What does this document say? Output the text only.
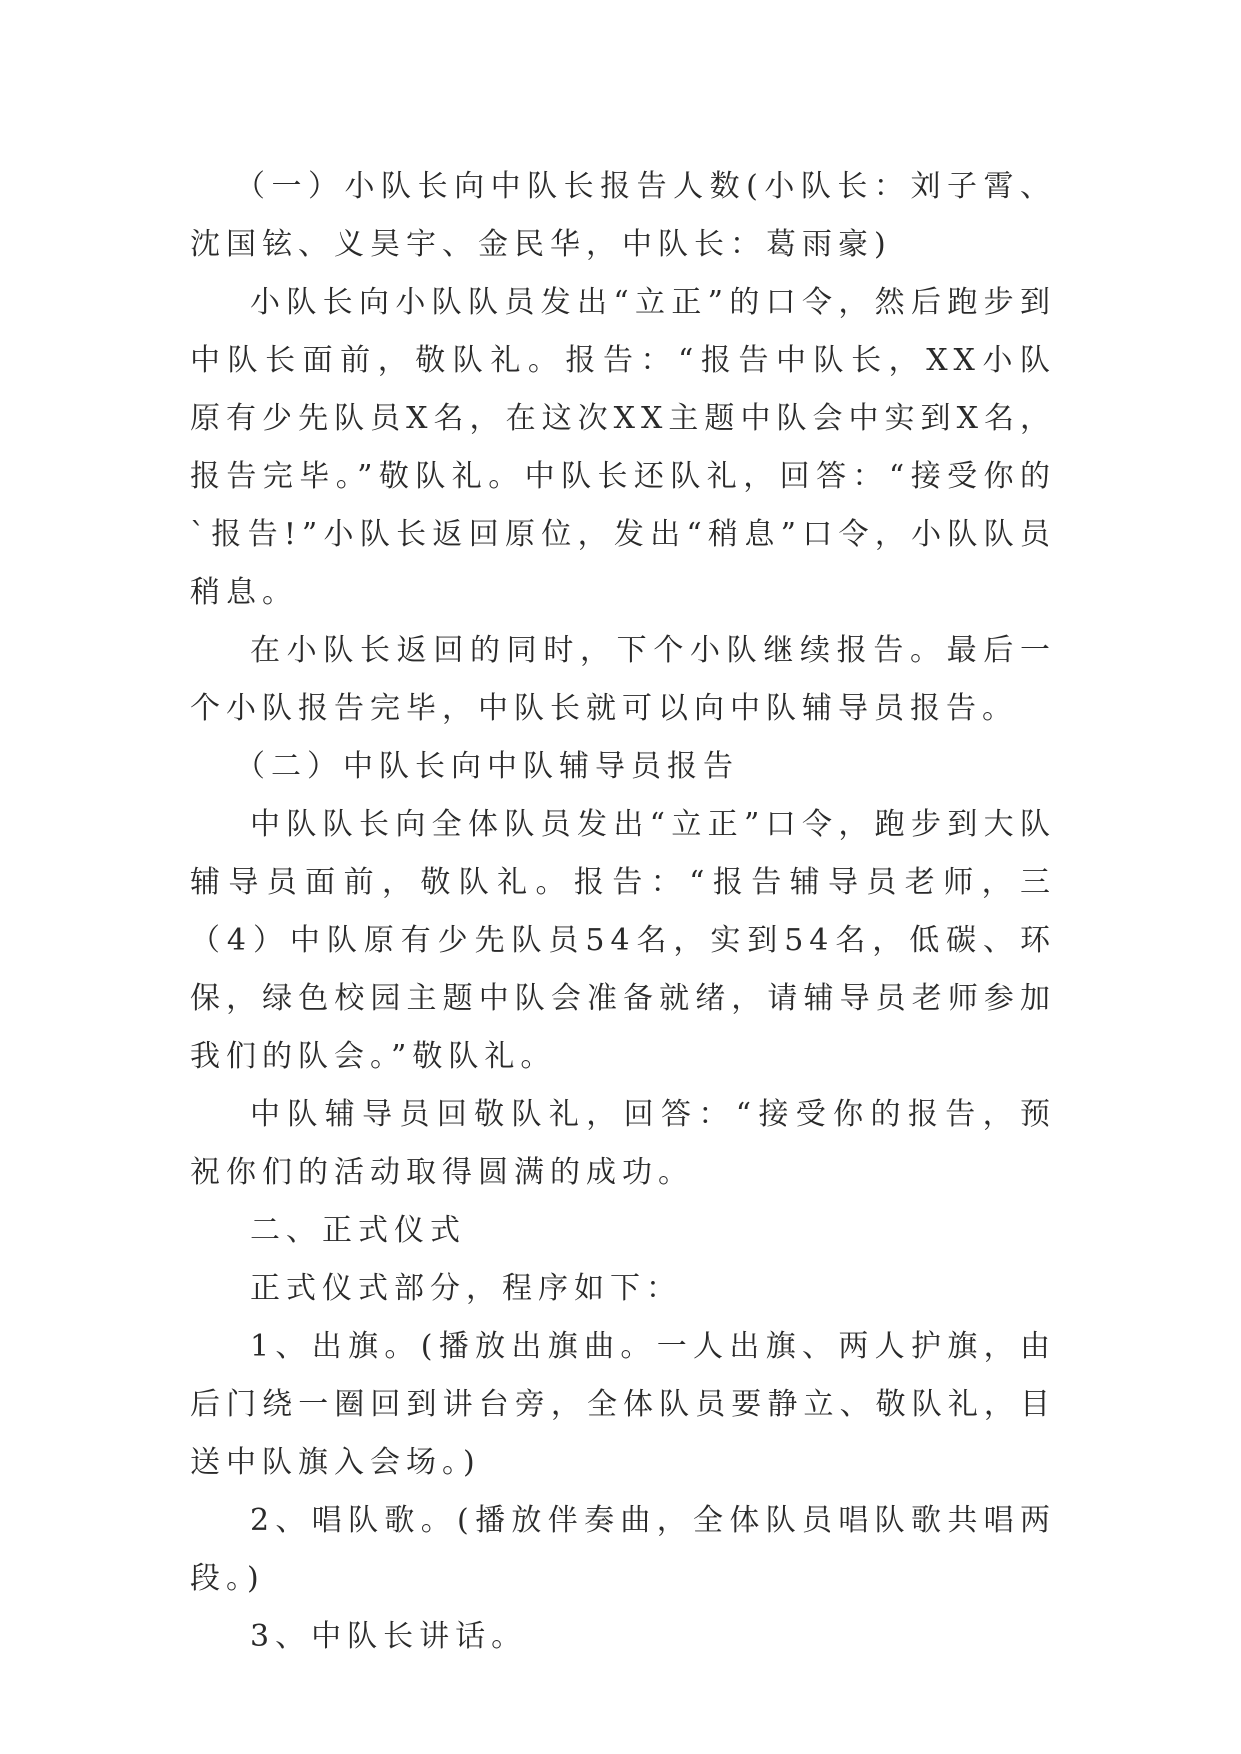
（一）小队长向中队长报告人数(小队长：刘子霄、沈国铉、义昊宇、金民华，中队长：葛雨豪)

小队长向小队队员发出“立正”的口令，然后跑步到中队长面前，敬队礼。报告：“报告中队长，XX小队原有少先队员X名，在这次XX主题中队会中实到X名，报告完毕。”敬队礼。中队长还队礼，回答：“接受你的`报告!”小队长返回原位，发出“稍息”口令，小队队员稍息。

在小队长返回的同时，下个小队继续报告。最后一个小队报告完毕，中队长就可以向中队辅导员报告。

（二）中队长向中队辅导员报告

中队队长向全体队员发出“立正”口令，跑步到大队辅导员面前，敬队礼。报告：“报告辅导员老师，三（4）中队原有少先队员54名，实到54名，低碳、环保，绿色校园主题中队会准备就绪，请辅导员老师参加我们的队会。”敬队礼。

中队辅导员回敬队礼，回答：“接受你的报告，预祝你们的活动取得圆满的成功。

二、正式仪式

正式仪式部分，程序如下：

1、出旗。(播放出旗曲。一人出旗、两人护旗，由后门绕一圈回到讲台旁，全体队员要静立、敬队礼，目送中队旗入会场。)

2、唱队歌。(播放伴奏曲，全体队员唱队歌共唱两段。)

3、中队长讲话。
